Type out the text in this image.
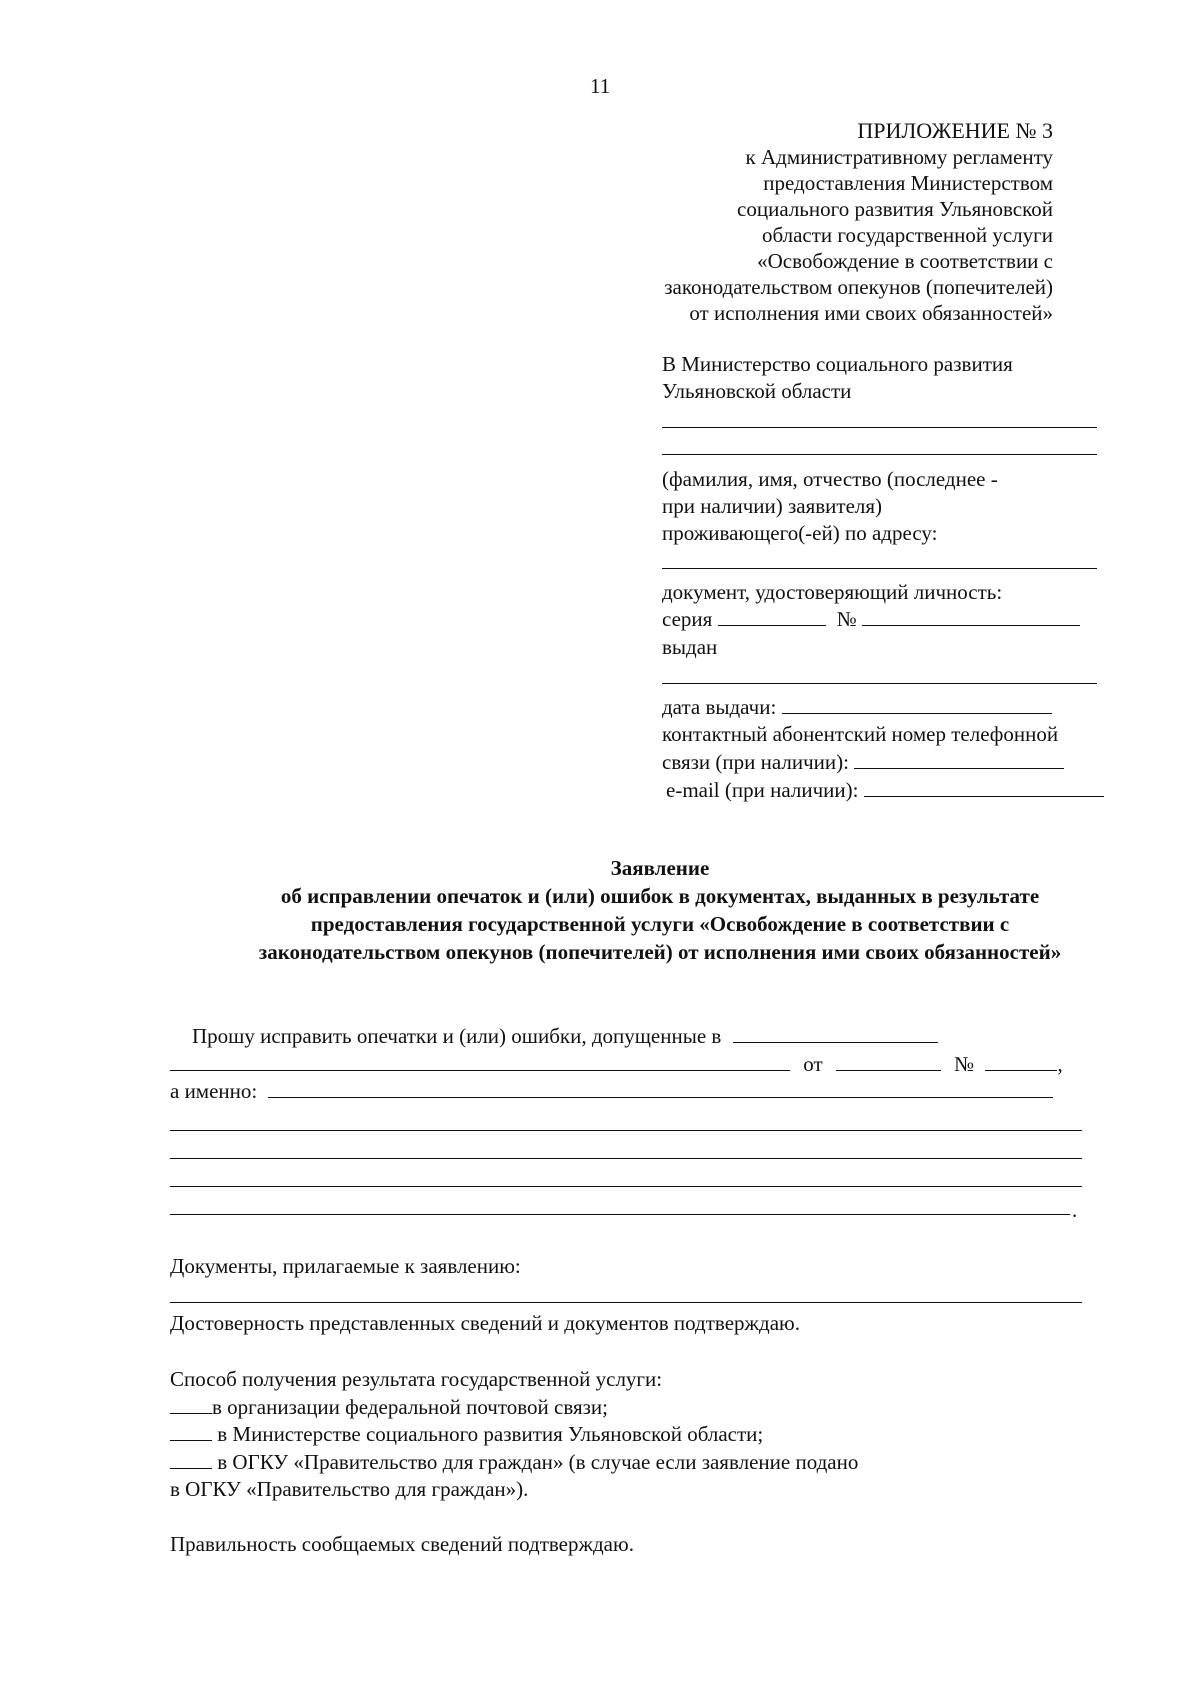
11
ПРИЛОЖЕНИЕ № 3
к Административному регламенту
предоставления Министерством
социального развития Ульяновской
области государственной услуги
«Освобождение в соответствии с
законодательством опекунов (попечителей)
от исполнения ими своих обязанностей»
В Министерство социального развития
Ульяновской области
(фамилия, имя, отчество (последнее -
при наличии) заявителя)
проживающего(-ей) по адресу:
документ, удостоверяющий личность:
серия	№
выдан
дата выдачи:
контактный абонентский номер телефонной
связи (при наличии):
e-mail (при наличии):
Заявление
об исправлении опечаток и (или) ошибок в документах, выданных в результате
предоставления государственной услуги «Освобождение в соответствии с
законодательством опекунов (попечителей) от исполнения ими своих обязанностей»
Прошу исправить опечатки и (или) ошибки, допущенные в
от	№	,
а именно:
.
Документы, прилагаемые к заявлению:
Достоверность представленных сведений и документов подтверждаю.
Способ получения результата государственной услуги:
в организации федеральной почтовой связи;
в Министерстве социального развития Ульяновской области;
в ОГКУ «Правительство для граждан» (в случае если заявление подано
в ОГКУ «Правительство для граждан»).
Правильность сообщаемых сведений подтверждаю.
